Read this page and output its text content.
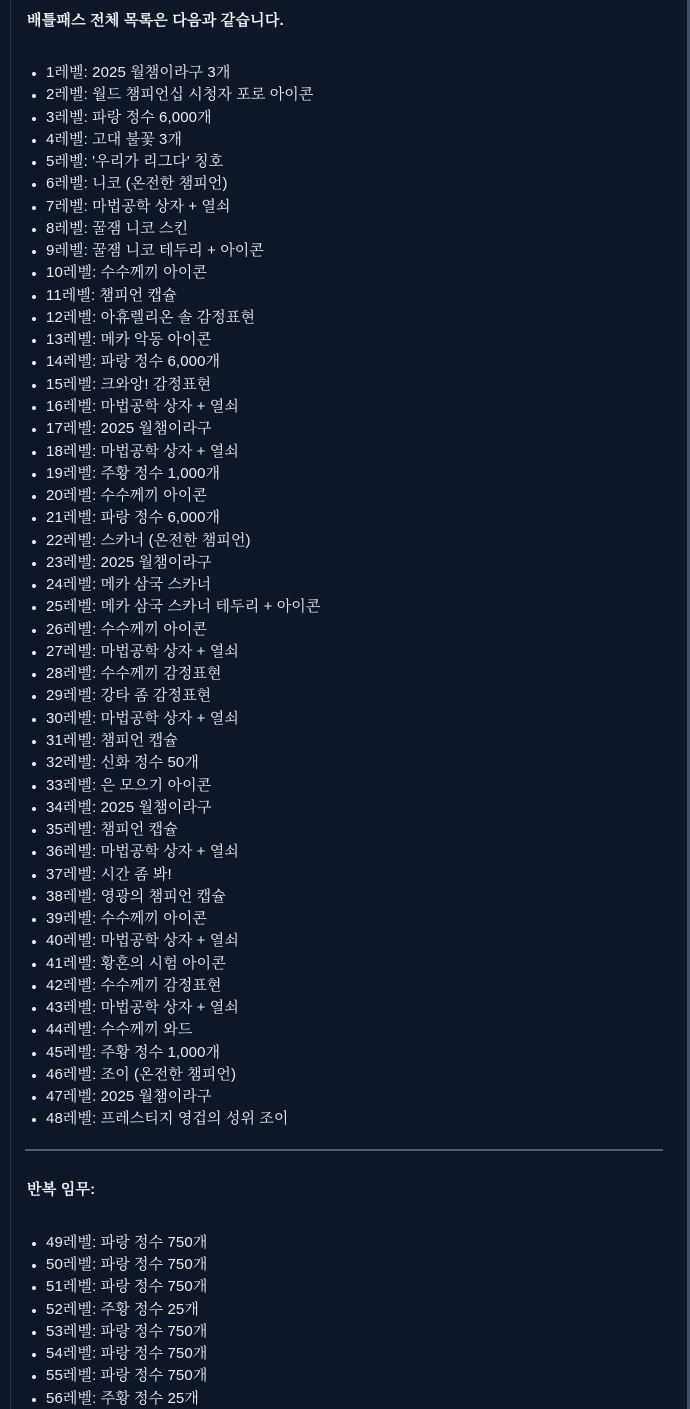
배틀패스 전체 목록은 다음과 같습니다.

• 1레벨: 2025 월챔이라구 3개
• 2레벨: 월드 챔피언십 시청자 포로 아이콘
• 3레벨: 파랑 정수 6,000개
• 4레벨: 고대 불꽃 3개
• 5레벨: '우리가 리그다' 칭호
• 6레벨: 니코 (온전한 챔피언)
• 7레벨: 마법공학 상자 + 열쇠
• 8레벨: 꿀잼 니코 스킨
• 9레벨: 꿀잼 니코 테두리 + 아이콘
• 10레벨: 수수께끼 아이콘
• 11레벨: 챔피언 캡슐
• 12레벨: 아휴렐리온 솔 감정표현
• 13레벨: 메카 악동 아이콘
• 14레벨: 파랑 정수 6,000개
• 15레벨: 크와앙! 감정표현
• 16레벨: 마법공학 상자 + 열쇠
• 17레벨: 2025 월챔이라구
• 18레벨: 마법공학 상자 + 열쇠
• 19레벨: 주황 정수 1,000개
• 20레벨: 수수께끼 아이콘
• 21레벨: 파랑 정수 6,000개
• 22레벨: 스카너 (온전한 챔피언)
• 23레벨: 2025 월챔이라구
• 24레벨: 메카 삼국 스카너
• 25레벨: 메카 삼국 스카너 테두리 + 아이콘
• 26레벨: 수수께끼 아이콘
• 27레벨: 마법공학 상자 + 열쇠
• 28레벨: 수수께끼 감정표현
• 29레벨: 강타 좀 감정표현
• 30레벨: 마법공학 상자 + 열쇠
• 31레벨: 챔피언 캡슐
• 32레벨: 신화 정수 50개
• 33레벨: 은 모으기 아이콘
• 34레벨: 2025 월챔이라구
• 35레벨: 챔피언 캡슐
• 36레벨: 마법공학 상자 + 열쇠
• 37레벨: 시간 좀 봐!
• 38레벨: 영광의 챔피언 캡슐
• 39레벨: 수수께끼 아이콘
• 40레벨: 마법공학 상자 + 열쇠
• 41레벨: 황혼의 시험 아이콘
• 42레벨: 수수께끼 감정표현
• 43레벨: 마법공학 상자 + 열쇠
• 44레벨: 수수께끼 와드
• 45레벨: 주황 정수 1,000개
• 46레벨: 조이 (온전한 챔피언)
• 47레벨: 2025 월챔이라구
• 48레벨: 프레스티지 영겁의 성위 조이

반복 임무:

• 49레벨: 파랑 정수 750개
• 50레벨: 파랑 정수 750개
• 51레벨: 파랑 정수 750개
• 52레벨: 주황 정수 25개
• 53레벨: 파랑 정수 750개
• 54레벨: 파랑 정수 750개
• 55레벨: 파랑 정수 750개
• 56레벨: 주황 정수 25개
